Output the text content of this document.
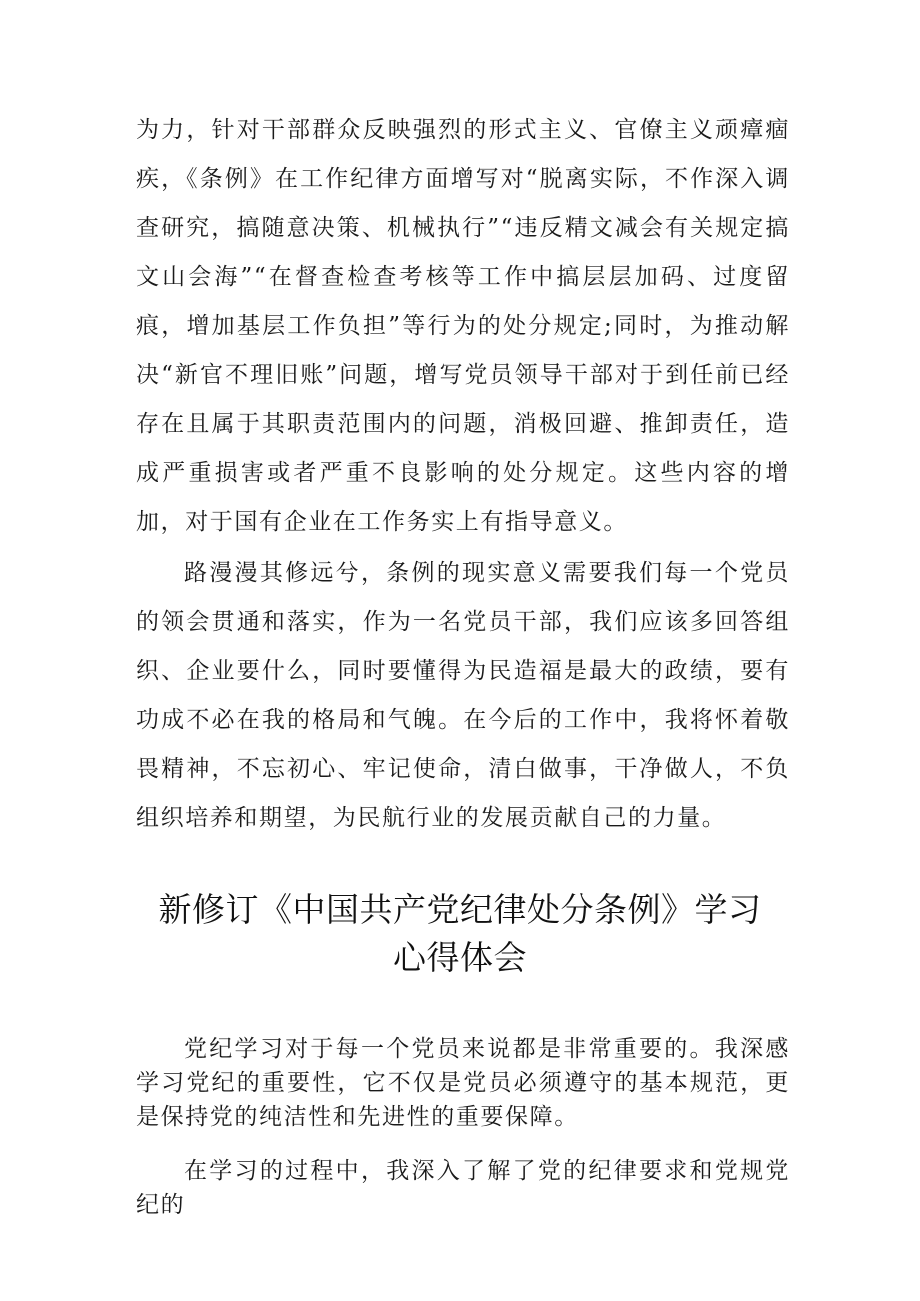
为力，针对干部群众反映强烈的形式主义、官僚主义顽瘴痼疾，《条例》在工作纪律方面增写对“脱离实际，不作深入调查研究，搞随意决策、机械执行”“违反精文减会有关规定搞文山会海”“在督查检查考核等工作中搞层层加码、过度留痕，增加基层工作负担”等行为的处分规定;同时，为推动解决“新官不理旧账”问题，增写党员领导干部对于到任前已经存在且属于其职责范围内的问题，消极回避、推卸责任，造成严重损害或者严重不良影响的处分规定。这些内容的增加，对于国有企业在工作务实上有指导意义。

路漫漫其修远兮，条例的现实意义需要我们每一个党员的领会贯通和落实，作为一名党员干部，我们应该多回答组织、企业要什么，同时要懂得为民造福是最大的政绩，要有功成不必在我的格局和气魄。在今后的工作中，我将怀着敬畏精神，不忘初心、牢记使命，清白做事，干净做人，不负组织培养和期望，为民航行业的发展贡献自己的力量。

新修订《中国共产党纪律处分条例》学习
心得体会

党纪学习对于每一个党员来说都是非常重要的。我深感学习党纪的重要性，它不仅是党员必须遵守的基本规范，更是保持党的纯洁性和先进性的重要保障。

在学习的过程中，我深入了解了党的纪律要求和党规党纪的
